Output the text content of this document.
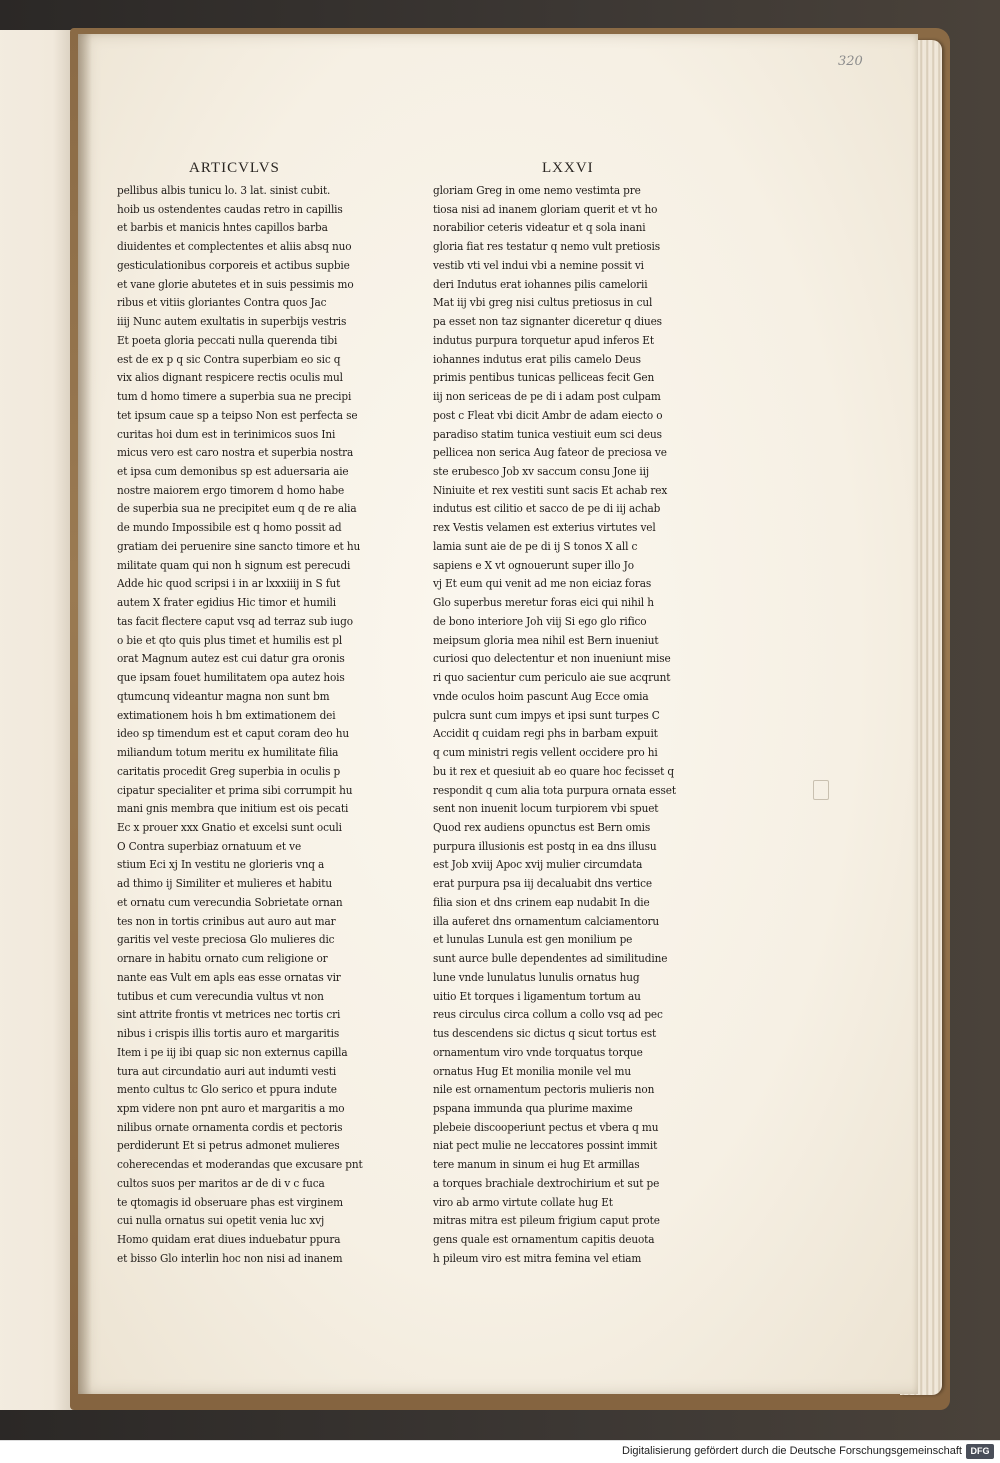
320
ARTICVLVS	LXXVI
pellibus albis tunicu lo. 3 lat. sinist cubit.
hoib us ostendentes caudas retro in capillis
et barbis et manicis hntes capillos barba
diuidentes et complectentes et aliis absq nuo
gesticulationibus corporeis et actibus supbie
et vane glorie abutetes et in suis pessimis mo
ribus et vitiis gloriantes Contra quos Jac
iiij Nunc autem exultatis in superbijs vestris
Et poeta gloria peccati nulla querenda tibi
est de ex p q sic Contra superbiam eo sic q
vix alios dignant respicere rectis oculis mul
tum d homo timere a superbia sua ne precipi
tet ipsum caue sp a teipso Non est perfecta se
curitas hoi dum est in terinimicos suos Ini
micus vero est caro nostra et superbia nostra
et ipsa cum demonibus sp est aduersaria aie
nostre maiorem ergo timorem d homo habe
de superbia sua ne precipitet eum q de re alia
de mundo Impossibile est q homo possit ad
gratiam dei peruenire sine sancto timore et hu
militate quam qui non h signum est perecudi
Adde hic quod scripsi i in ar lxxxiiij in S fut
autem X frater egidius Hic timor et humili
tas facit flectere caput vsq ad terraz sub iugo
o bie et qto quis plus timet et humilis est pl
orat Magnum autez est cui datur gra oronis
que ipsam fouet humilitatem opa autez hois
qtumcunq videantur magna non sunt bm
extimationem hois h bm extimationem dei
ideo sp timendum est et caput coram deo hu
miliandum totum meritu ex humilitate filia
caritatis procedit Greg superbia in oculis p
cipatur specialiter et prima sibi corrumpit hu
mani gnis membra que initium est ois pecati
Ec x prouer xxx Gnatio et excelsi sunt oculi
O Contra superbiaz ornatuum et ve
stium Eci xj In vestitu ne glorieris vnq a
ad thimo ij Similiter et mulieres et habitu
et ornatu cum verecundia Sobrietate ornan
tes non in tortis crinibus aut auro aut mar
garitis vel veste preciosa Glo mulieres dic
ornare in habitu ornato cum religione or
nante eas Vult em apls eas esse ornatas vir
tutibus et cum verecundia vultus vt non
sint attrite frontis vt metrices nec tortis cri
nibus i crispis illis tortis auro et margaritis
Item i pe iij ibi quap sic non externus capilla
tura aut circundatio auri aut indumti vesti
mento cultus tc Glo serico et ppura indute
xpm videre non pnt auro et margaritis a mo
nilibus ornate ornamenta cordis et pectoris
perdiderunt Et si petrus admonet mulieres
coherecendas et moderandas que excusare pnt
cultos suos per maritos ar de di v c fuca
te qtomagis id obseruare phas est virginem
cui nulla ornatus sui opetit venia luc xvj
Homo quidam erat diues induebatur ppura
et bisso Glo interlin hoc non nisi ad inanem
gloriam Greg in ome nemo vestimta pre
tiosa nisi ad inanem gloriam querit et vt ho
norabilior ceteris videatur et q sola inani
gloria fiat res testatur q nemo vult pretiosis
vestib vti vel indui vbi a nemine possit vi
deri Indutus erat iohannes pilis camelorii
Mat iij vbi greg nisi cultus pretiosus in cul
pa esset non taz signanter diceretur q diues
indutus purpura torquetur apud inferos Et
iohannes indutus erat pilis camelo Deus
primis pentibus tunicas pelliceas fecit Gen
iij non sericeas de pe di i adam post culpam
post c Fleat vbi dicit Ambr de adam eiecto o
paradiso statim tunica vestiuit eum sci deus
pellicea non serica Aug fateor de preciosa ve
ste erubesco Job xv saccum consu Jone iij
Niniuite et rex vestiti sunt sacis Et achab rex
indutus est cilitio et sacco de pe di iij achab
rex Vestis velamen est exterius virtutes vel
lamia sunt aie de pe di ij S tonos X all c
sapiens e X vt ognouerunt super illo Jo
vj Et eum qui venit ad me non eiciaz foras
Glo superbus meretur foras eici qui nihil h
de bono interiore Joh viij Si ego glo rifico
meipsum gloria mea nihil est Bern inueniut
curiosi quo delectentur et non inueniunt mise
ri quo sacientur cum periculo aie sue acqrunt
vnde oculos hoim pascunt Aug Ecce omia
pulcra sunt cum impys et ipsi sunt turpes C
Accidit q cuidam regi phs in barbam expuit
q cum ministri regis vellent occidere pro hi
bu it rex et quesiuit ab eo quare hoc fecisset q
respondit q cum alia tota purpura ornata esset
sent non inuenit locum turpiorem vbi spuet
Quod rex audiens opunctus est Bern omis
purpura illusionis est postq in ea dns illusu
est Job xviij Apoc xvij mulier circumdata
erat purpura psa iij decaluabit dns vertice
filia sion et dns crinem eap nudabit In die
illa auferet dns ornamentum calciamentoru
et lunulas Lunula est gen monilium pe
sunt aurce bulle dependentes ad similitudine
lune vnde lunulatus lunulis ornatus hug
uitio Et torques i ligamentum tortum au
reus circulus circa collum a collo vsq ad pec
tus descendens sic dictus q sicut tortus est
ornamentum viro vnde torquatus torque
ornatus Hug Et monilia monile vel mu
nile est ornamentum pectoris mulieris non
pspana immunda qua plurime maxime
plebeie discooperiunt pectus et vbera q mu
niat pect mulie ne leccatores possint immit
tere manum in sinum ei hug Et armillas
a torques brachiale dextrochirium et sut pe
viro ab armo virtute collate hug Et
mitras mitra est pileum frigium caput prote
gens quale est ornamentum capitis deuota
h pileum viro est mitra femina vel etiam
Digitalisierung gefördert durch die Deutsche Forschungsgemeinschaft DFG
